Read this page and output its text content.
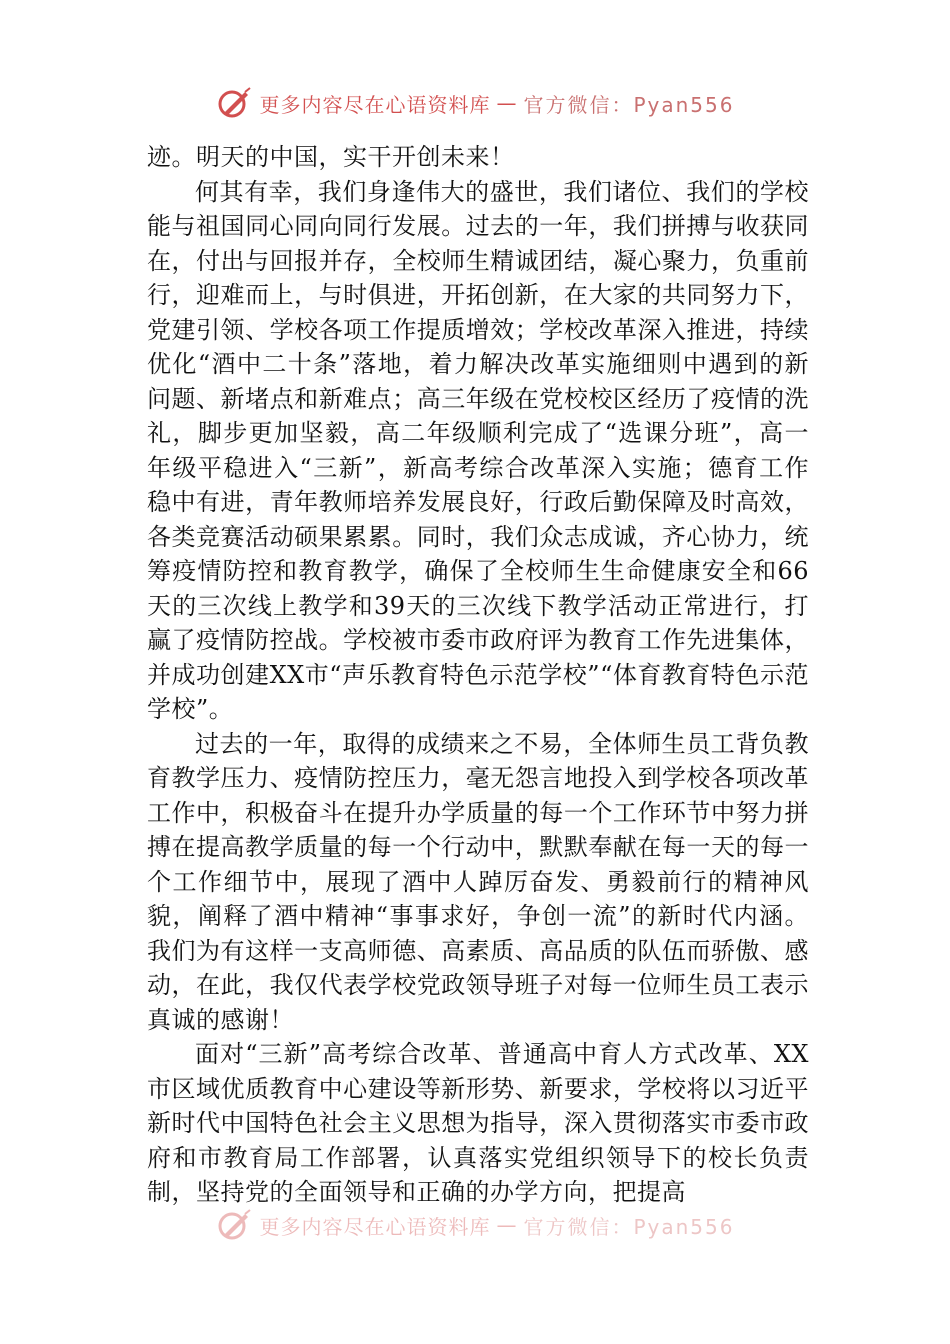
更多内容尽在心语资料库 — 官方微信：Pyan556

迹。明天的中国，实干开创未来！

何其有幸，我们身逢伟大的盛世，我们诸位、我们的学校能与祖国同心同向同行发展。过去的一年，我们拼搏与收获同在，付出与回报并存，全校师生精诚团结，凝心聚力，负重前行，迎难而上，与时俱进，开拓创新，在大家的共同努力下，党建引领、学校各项工作提质增效；学校改革深入推进，持续优化“酒中二十条”落地，着力解决改革实施细则中遇到的新问题、新堵点和新难点；高三年级在党校校区经历了疫情的洗礼，脚步更加坚毅，高二年级顺利完成了“选课分班”，高一年级平稳进入“三新”，新高考综合改革深入实施；德育工作稳中有进，青年教师培养发展良好，行政后勤保障及时高效，各类竞赛活动硕果累累。同时，我们众志成诚，齐心协力，统筹疫情防控和教育教学，确保了全校师生生命健康安全和66天的三次线上教学和39天的三次线下教学活动正常进行，打赢了疫情防控战。学校被市委市政府评为教育工作先进集体，并成功创建XX市“声乐教育特色示范学校”“体育教育特色示范学校”。

过去的一年，取得的成绩来之不易，全体师生员工背负教育教学压力、疫情防控压力，毫无怨言地投入到学校各项改革工作中，积极奋斗在提升办学质量的每一个工作环节中努力拼搏在提高教学质量的每一个行动中，默默奉献在每一天的每一个工作细节中，展现了酒中人踔厉奋发、勇毅前行的精神风貌，阐释了酒中精神“事事求好，争创一流”的新时代内涵。我们为有这样一支高师德、高素质、高品质的队伍而骄傲、感动，在此，我仅代表学校党政领导班子对每一位师生员工表示真诚的感谢！

面对“三新”高考综合改革、普通高中育人方式改革、XX市区域优质教育中心建设等新形势、新要求，学校将以习近平新时代中国特色社会主义思想为指导，深入贯彻落实市委市政府和市教育局工作部署，认真落实党组织领导下的校长负责制，坚持党的全面领导和正确的办学方向，把提高

更多内容尽在心语资料库 — 官方微信：Pyan556
